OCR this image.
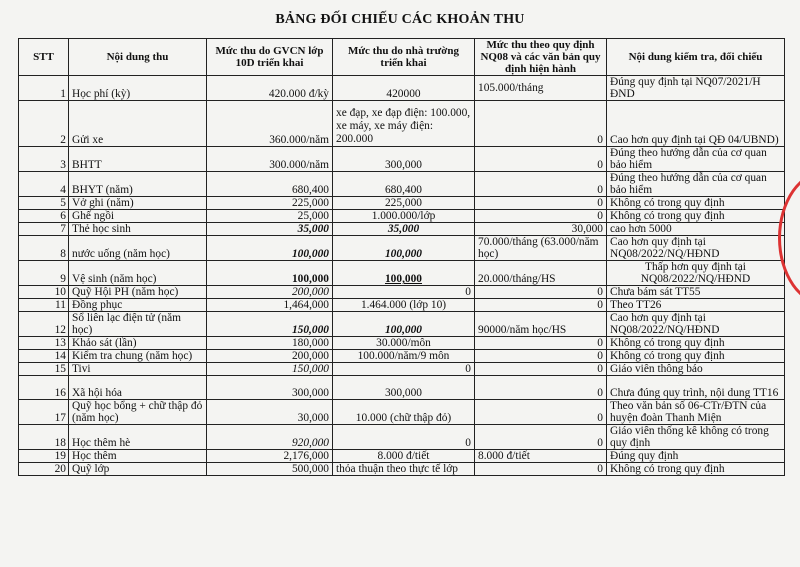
BẢNG ĐỐI CHIẾU CÁC KHOẢN THU
STT	Nội dung thu	Mức thu do GVCN lớp 10D triển khai	Mức thu do nhà trường triển khai	Mức thu theo quy định NQ08 và các văn bản quy định hiện hành	Nội dung kiểm tra, đối chiếu
1	Học phí (kỳ)	420.000 đ/kỳ	420000	105.000/tháng	Đúng quy định tại NQ07/2021/H ĐND
2	Gửi xe	360.000/năm	xe đạp, xe đạp điện: 100.000, xe máy, xe máy điện: 200.000	0	Cao hơn quy định tại QĐ 04/UBND)
3	BHTT	300.000/năm	300,000	0	Đúng theo hướng dẫn của cơ quan bảo hiểm
4	BHYT (năm)	680,400	680,400	0	Đúng theo hướng dẫn của cơ quan bảo hiểm
5	Vở ghi (năm)	225,000	225,000	0	Không có trong quy định
6	Ghế ngồi	25,000	1.000.000/lớp	0	Không có trong quy định
7	Thẻ học sinh	35,000	35,000	30,000	cao hơn 5000
8	nước uống (năm học)	100,000	100,000	70.000/tháng (63.000/năm học)	Cao hơn quy định tại NQ08/2022/NQ/HĐND
9	Vệ sinh (năm học)	100,000	100,000	20.000/tháng/HS	Thấp hơn quy định tại NQ08/2022/NQ/HĐND
10	Quỹ Hội PH (năm học)	200,000	0	0	Chưa bám sát TT55
11	Đồng phục	1,464,000	1.464.000 (lớp 10)	0	Theo TT26
12	Sổ liên lạc điện tử (năm học)	150,000	100,000	90000/năm học/HS	Cao hơn quy định tại NQ08/2022/NQ/HĐND
13	Khảo sát (lần)	180,000	30.000/môn	0	Không có trong quy định
14	Kiểm tra chung (năm học)	200,000	100.000/năm/9 môn	0	Không có trong quy định
15	Tivi	150,000	0	0	Giáo viên thông báo
16	Xã hội hóa	300,000	300,000	0	Chưa đúng quy trình, nội dung TT16
17	Quỹ học bổng + chữ thập đỏ (năm học)	30,000	10.000 (chữ thập đỏ)	0	Theo văn bản số 06-CTr/ĐTN của huyện đoàn Thanh Miện
18	Học thêm hè	920,000	0	0	Giáo viên thống kê không có trong quy định
19	Học thêm	2,176,000	8.000 đ/tiết	8.000 đ/tiết	Đúng quy định
20	Quỹ lớp	500,000	thỏa thuận theo thực tế lớp	0	Không có trong quy định
